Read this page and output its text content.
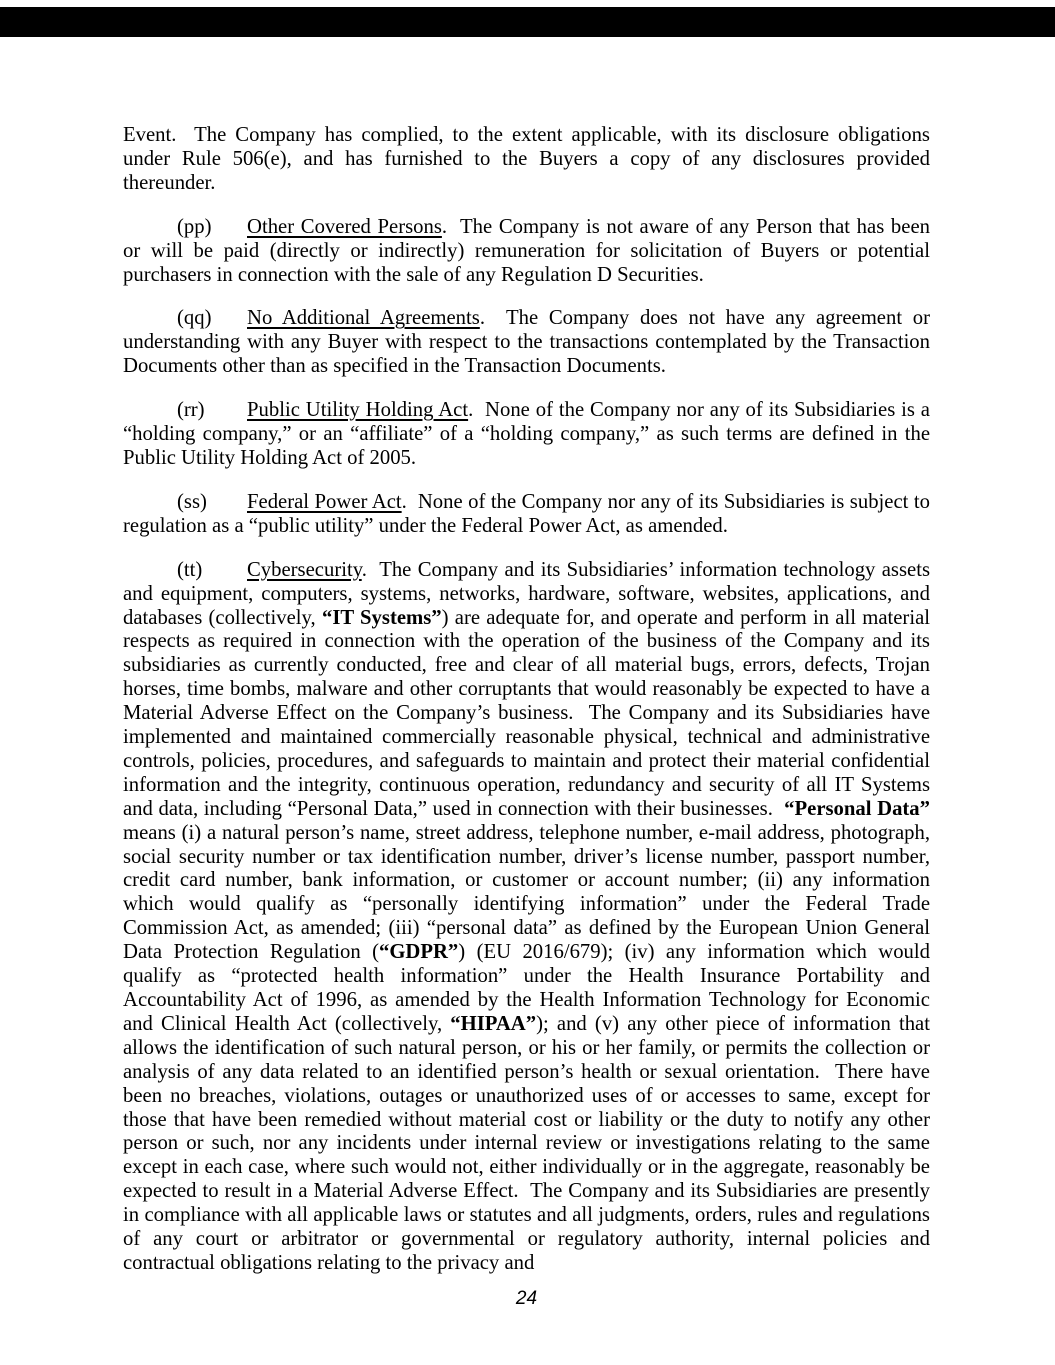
Event.  The Company has complied, to the extent applicable, with its disclosure obligations under Rule 506(e), and has furnished to the Buyers a copy of any disclosures provided thereunder.

(pp) Other Covered Persons.  The Company is not aware of any Person that has been or will be paid (directly or indirectly) remuneration for solicitation of Buyers or potential purchasers in connection with the sale of any Regulation D Securities.

(qq) No Additional Agreements.  The Company does not have any agreement or understanding with any Buyer with respect to the transactions contemplated by the Transaction Documents other than as specified in the Transaction Documents.

(rr) Public Utility Holding Act.  None of the Company nor any of its Subsidiaries is a “holding company,” or an “affiliate” of a “holding company,” as such terms are defined in the Public Utility Holding Act of 2005.

(ss) Federal Power Act.  None of the Company nor any of its Subsidiaries is subject to regulation as a “public utility” under the Federal Power Act, as amended.

(tt) Cybersecurity.  The Company and its Subsidiaries’ information technology assets and equipment, computers, systems, networks, hardware, software, websites, applications, and databases (collectively, “IT Systems”) are adequate for, and operate and perform in all material respects as required in connection with the operation of the business of the Company and its subsidiaries as currently conducted, free and clear of all material bugs, errors, defects, Trojan horses, time bombs, malware and other corruptants that would reasonably be expected to have a Material Adverse Effect on the Company’s business.  The Company and its Subsidiaries have implemented and maintained commercially reasonable physical, technical and administrative controls, policies, procedures, and safeguards to maintain and protect their material confidential information and the integrity, continuous operation, redundancy and security of all IT Systems and data, including “Personal Data,” used in connection with their businesses.  “Personal Data” means (i) a natural person’s name, street address, telephone number, e-mail address, photograph, social security number or tax identification number, driver’s license number, passport number, credit card number, bank information, or customer or account number; (ii) any information which would qualify as “personally identifying information” under the Federal Trade Commission Act, as amended; (iii) “personal data” as defined by the European Union General Data Protection Regulation (“GDPR”) (EU 2016/679); (iv) any information which would qualify as “protected health information” under the Health Insurance Portability and Accountability Act of 1996, as amended by the Health Information Technology for Economic and Clinical Health Act (collectively, “HIPAA”); and (v) any other piece of information that allows the identification of such natural person, or his or her family, or permits the collection or analysis of any data related to an identified person’s health or sexual orientation.  There have been no breaches, violations, outages or unauthorized uses of or accesses to same, except for those that have been remedied without material cost or liability or the duty to notify any other person or such, nor any incidents under internal review or investigations relating to the same except in each case, where such would not, either individually or in the aggregate, reasonably be expected to result in a Material Adverse Effect.  The Company and its Subsidiaries are presently in compliance with all applicable laws or statutes and all judgments, orders, rules and regulations of any court or arbitrator or governmental or regulatory authority, internal policies and contractual obligations relating to the privacy and

24
